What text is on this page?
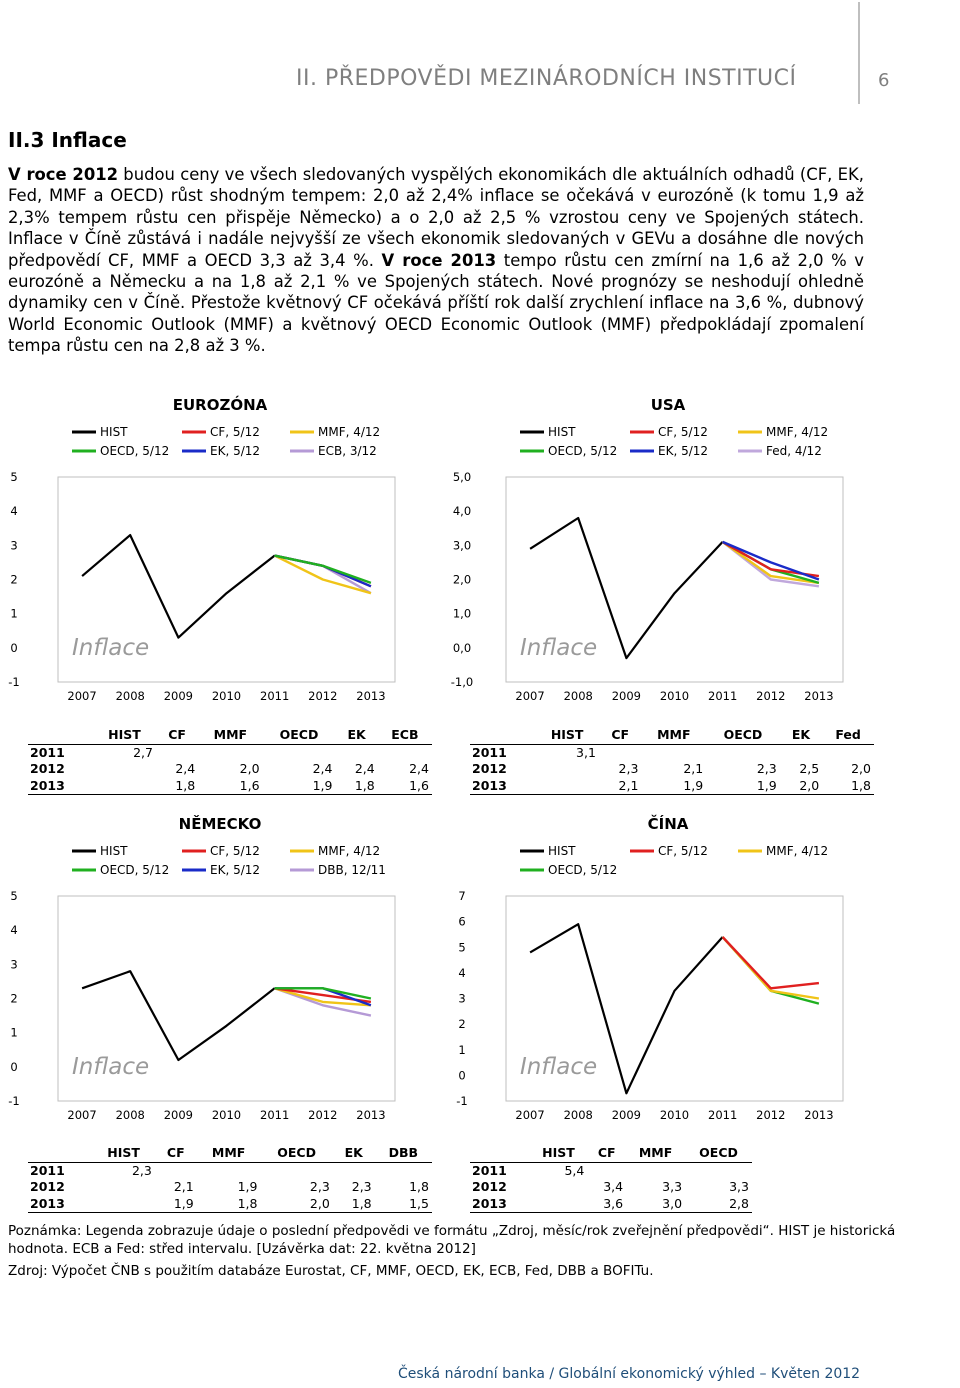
II. PŘEDPOVĚDI MEZINÁRODNÍCH INSTITUCÍ	6
II.3 Inflace
V roce 2012 budou ceny ve všech sledovaných vyspělých ekonomikách dle aktuálních odhadů (CF, EK, Fed, MMF a OECD) růst shodným tempem: 2,0 až 2,4% inflace se očekává v eurozóně (k tomu 1,9 až 2,3% tempem růstu cen přispěje Německo) a o 2,0 až 2,5 % vzrostou ceny ve Spojených státech. Inflace v Číně zůstává i nadále nejvyšší ze všech ekonomik sledovaných v GEVu a dosáhne dle nových předpovědí CF, MMF a OECD 3,3 až 3,4 %. V roce 2013 tempo růstu cen zmírní na 1,6 až 2,0 % v eurozóně a Německu a na 1,8 až 2,1 % ve Spojených státech. Nové prognózy se neshodují ohledně dynamiky cen v Číně. Přestože květnový CF očekává příští rok další zrychlení inflace na 3,6 %, dubnový World Economic Outlook (MMF) a květnový OECD Economic Outlook (MMF) předpokládají zpomalení tempa růstu cen na 2,8 až 3 %.
EUROZÓNA
HIST	CF, 5/12	MMF, 4/12
OECD, 5/12	EK, 5/12	ECB, 3/12
5
4
3
2
1
0
-1
2007 2008 2009 2010 2011 2012 2013
Inflace
USA
HIST	CF, 5/12	MMF, 4/12
OECD, 5/12	EK, 5/12	Fed, 4/12
5,0
4,0
3,0
2,0
1,0
0,0
-1,0
2007 2008 2009 2010 2011 2012 2013
Inflace
NĚMECKO
HIST	CF, 5/12	MMF, 4/12
OECD, 5/12	EK, 5/12	DBB, 12/11
5
4
3
2
1
0
-1
2007 2008 2009 2010 2011 2012 2013
Inflace
ČÍNA
HIST	CF, 5/12	MMF, 4/12
OECD, 5/12
7
6
5
4
3
2
1
0
-1
2007 2008 2009 2010 2011 2012 2013
Inflace
	HIST	CF	MMF	OECD	EK	ECB
2011	2,7					
2012		2,4	2,0	2,4	2,4	2,4
2013		1,8	1,6	1,9	1,8	1,6
	HIST	CF	MMF	OECD	EK	Fed
2011	3,1					
2012		2,3	2,1	2,3	2,5	2,0
2013		2,1	1,9	1,9	2,0	1,8
	HIST	CF	MMF	OECD	EK	DBB
2011	2,3					
2012		2,1	1,9	2,3	2,3	1,8
2013		1,9	1,8	2,0	1,8	1,5
	HIST	CF	MMF	OECD
2011	5,4			
2012		3,4	3,3	3,3
2013		3,6	3,0	2,8
Poznámka: Legenda zobrazuje údaje o poslední předpovědi ve formátu „Zdroj, měsíc/rok zveřejnění předpovědi“. HIST je historická hodnota. ECB a Fed: střed intervalu. [Uzávěrka dat: 22. května 2012]
Zdroj: Výpočet ČNB s použitím databáze Eurostat, CF, MMF, OECD, EK, ECB, Fed, DBB a BOFITu.
Česká národní banka / Globální ekonomický výhled – Květen 2012
